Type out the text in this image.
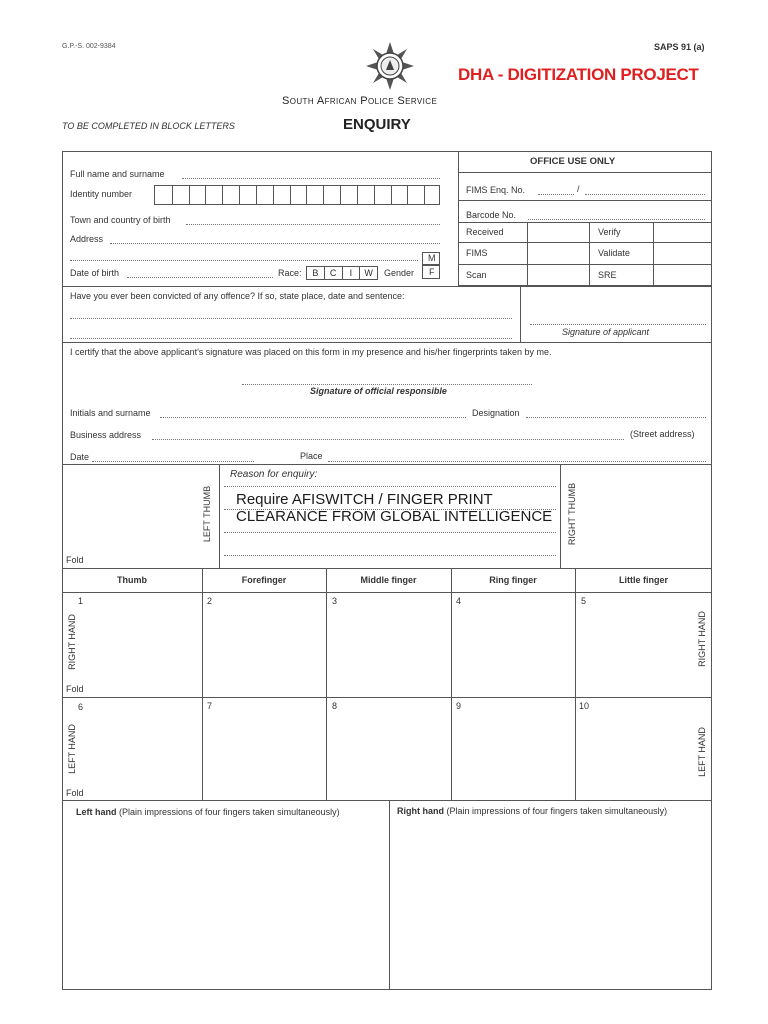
G.P.-S. 002-9384	SAPS 91 (a)
DHA - DIGITIZATION PROJECT
South African Police Service
TO BE COMPLETED IN BLOCK LETTERS	ENQUIRY
Full name and surname
Identity number
Town and country of birth
Address
M
F
Date of birth	Race:	B	C	I	W	Gender
OFFICE USE ONLY
FIMS Enq. No.	/
Barcode No.
Received	Verify
FIMS	Validate
Scan	SRE
Have you ever been convicted of any offence? If so, state place, date and sentence:
Signature of applicant
I certify that the above applicant's signature was placed on this form in my presence and his/her fingerprints taken by me.
Signature of official responsible
Initials and surname	Designation
Business address	(Street address)
Date	Place
LEFT THUMB	RIGHT THUMB
Reason for enquiry:
Require AFISWITCH / FINGER PRINT
CLEARANCE FROM GLOBAL INTELLIGENCE
Fold
Thumb	Forefinger	Middle finger	Ring finger	Little finger
1	2	3	4	5
RIGHT HAND	RIGHT HAND
Fold
6	7	8	9	10
LEFT HAND	LEFT HAND
Fold
Left hand (Plain impressions of four fingers taken simultaneously)	Right hand (Plain impressions of four fingers taken simultaneously)
